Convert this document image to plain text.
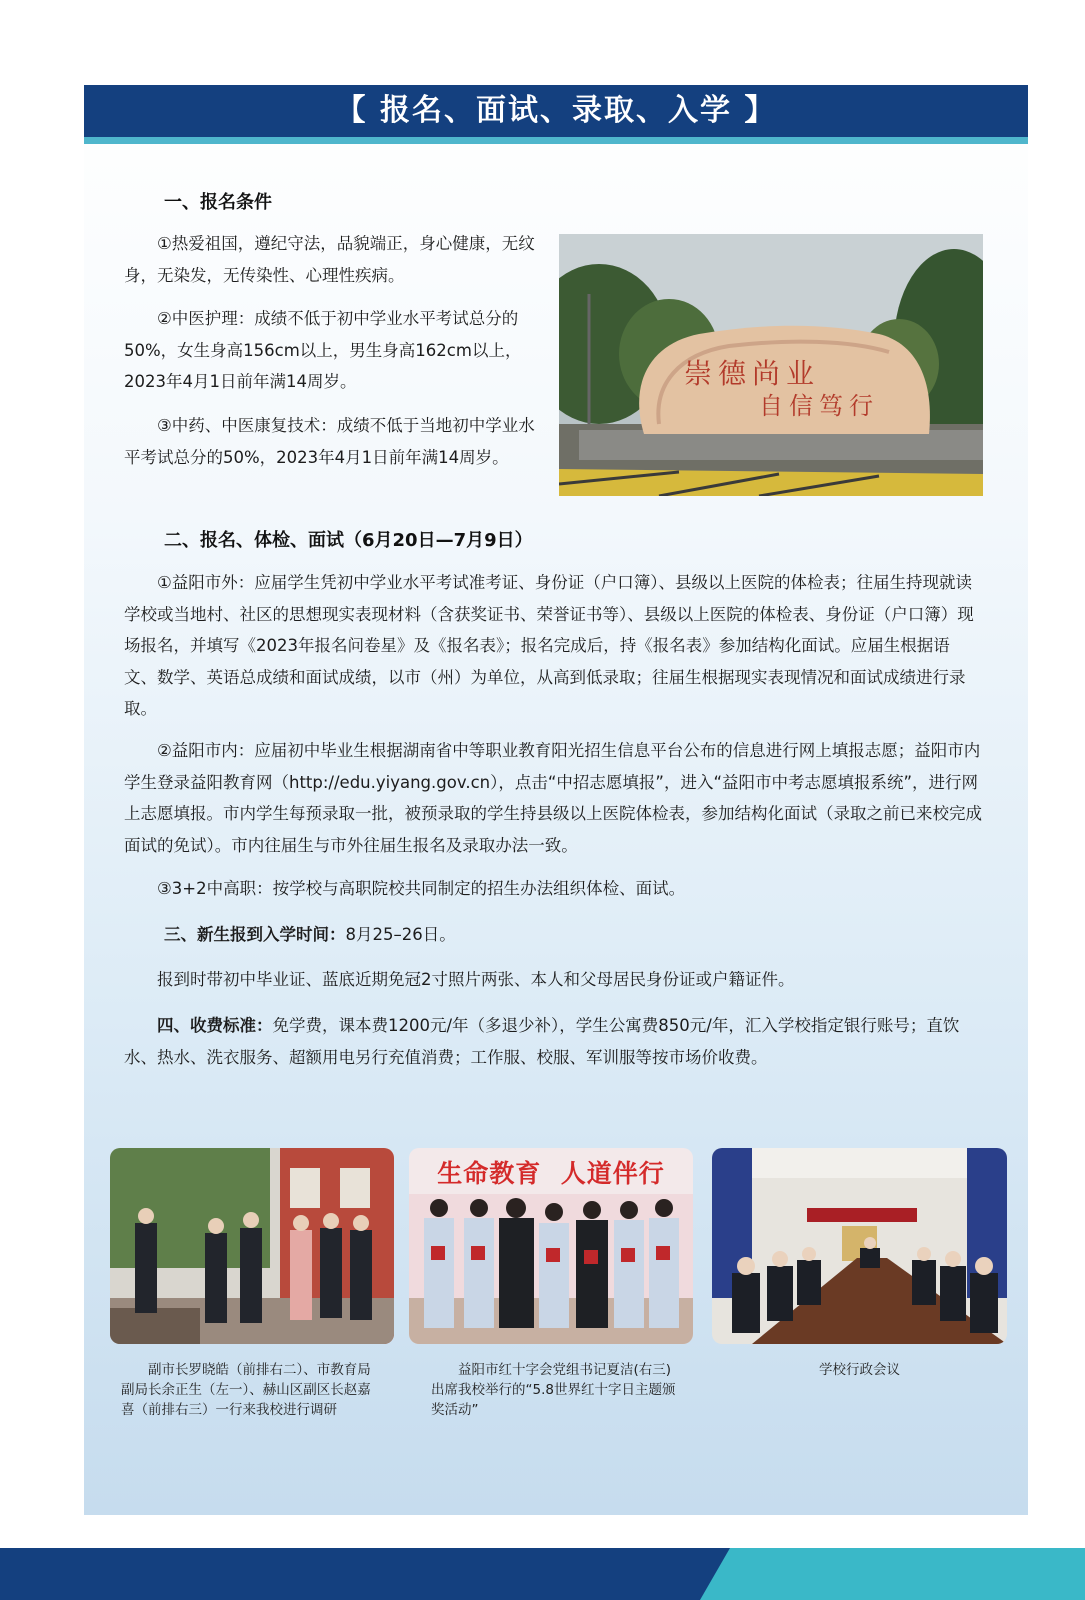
【 报名、面试、录取、入学 】
一、报名条件

①热爱祖国，遵纪守法，品貌端正，身心健康，无纹身，无染发，无传染性、心理性疾病。

②中医护理：成绩不低于初中学业水平考试总分的50%，女生身高156cm以上，男生身高162cm以上，2023年4月1日前年满14周岁。

③中药、中医康复技术：成绩不低于当地初中学业水平考试总分的50%，2023年4月1日前年满14周岁。

崇德尚业
自信笃行
二、报名、体检、面试（6月20日—7月9日）

①益阳市外：应届学生凭初中学业水平考试准考证、身份证（户口簿）、县级以上医院的体检表；往届生持现就读学校或当地村、社区的思想现实表现材料（含获奖证书、荣誉证书等）、县级以上医院的体检表、身份证（户口簿）现场报名，并填写《2023年报名问卷星》及《报名表》；报名完成后，持《报名表》参加结构化面试。应届生根据语文、数学、英语总成绩和面试成绩，以市（州）为单位，从高到低录取；往届生根据现实表现情况和面试成绩进行录取。

②益阳市内：应届初中毕业生根据湖南省中等职业教育阳光招生信息平台公布的信息进行网上填报志愿；益阳市内学生登录益阳教育网（http://edu.yiyang.gov.cn），点击“中招志愿填报”，进入“益阳市中考志愿填报系统”，进行网上志愿填报。市内学生每预录取一批，被预录取的学生持县级以上医院体检表，参加结构化面试（录取之前已来校完成面试的免试）。市内往届生与市外往届生报名及录取办法一致。

③3+2中高职：按学校与高职院校共同制定的招生办法组织体检、面试。

三、新生报到入学时间：8月25–26日。

报到时带初中毕业证、蓝底近期免冠2寸照片两张、本人和父母居民身份证或户籍证件。

四、收费标准：免学费，课本费1200元/年（多退少补），学生公寓费850元/年，汇入学校指定银行账号；直饮水、热水、洗衣服务、超额用电另行充值消费；工作服、校服、军训服等按市场价收费。

副市长罗晓皓（前排右二）、市教育局副局长余正生（左一）、赫山区副区长赵嘉喜（前排右三）一行来我校进行调研

生命教育  人道伴行

益阳市红十字会党组书记夏洁(右三)出席我校举行的“5.8世界红十字日主题颁奖活动”

学校行政会议
